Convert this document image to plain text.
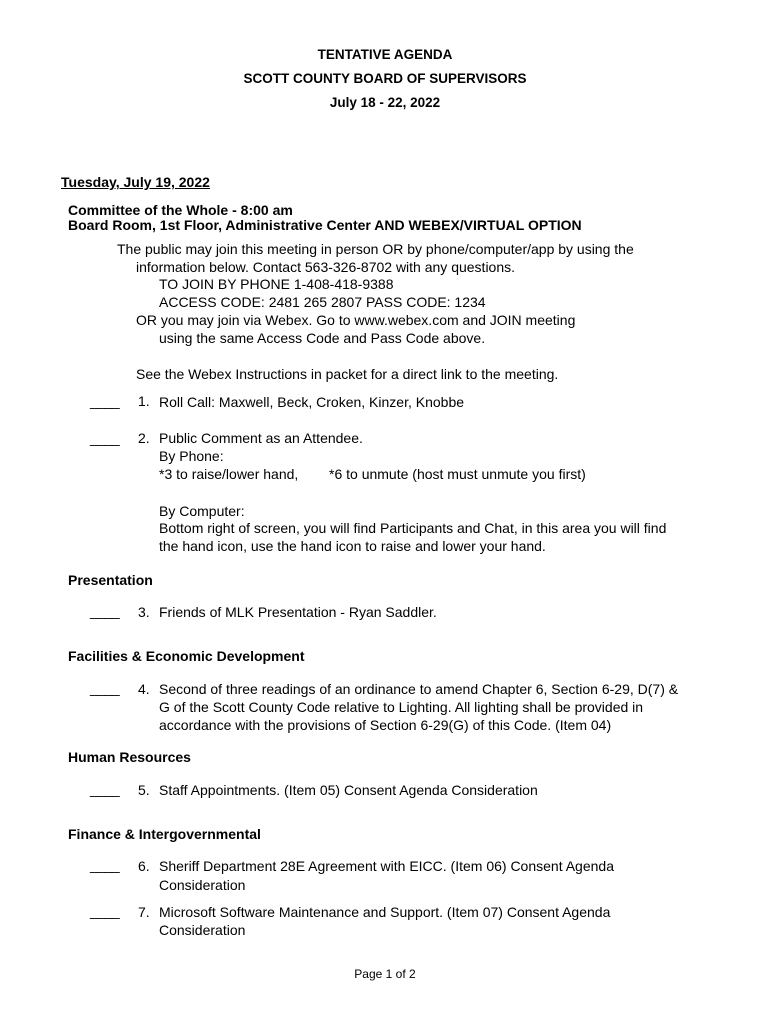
TENTATIVE AGENDA
SCOTT COUNTY BOARD OF SUPERVISORS
July 18 - 22, 2022
Tuesday, July 19, 2022
Committee of the Whole - 8:00 am
Board Room, 1st Floor, Administrative Center AND WEBEX/VIRTUAL OPTION
The public may join this meeting in person OR by phone/computer/app by using the
information below. Contact 563-326-8702 with any questions.
TO JOIN BY PHONE 1-408-418-9388
ACCESS CODE: 2481 265 2807 PASS CODE: 1234
OR you may join via Webex. Go to www.webex.com and JOIN meeting
using the same Access Code and Pass Code above.
See the Webex Instructions in packet for a direct link to the meeting.
____ 1. Roll Call: Maxwell, Beck, Croken, Kinzer, Knobbe
____ 2. Public Comment as an Attendee.
By Phone:
*3 to raise/lower hand, *6 to unmute (host must unmute you first)
By Computer:
Bottom right of screen, you will find Participants and Chat, in this area you will find
the hand icon, use the hand icon to raise and lower your hand.
Presentation
____ 3. Friends of MLK Presentation - Ryan Saddler.
Facilities & Economic Development
____ 4. Second of three readings of an ordinance to amend Chapter 6, Section 6-29, D(7) &
G of the Scott County Code relative to Lighting. All lighting shall be provided in
accordance with the provisions of Section 6-29(G) of this Code. (Item 04)
Human Resources
____ 5. Staff Appointments. (Item 05) Consent Agenda Consideration
Finance & Intergovernmental
____ 6. Sheriff Department 28E Agreement with EICC. (Item 06) Consent Agenda
Consideration
____ 7. Microsoft Software Maintenance and Support. (Item 07) Consent Agenda
Consideration
Page 1 of 2
